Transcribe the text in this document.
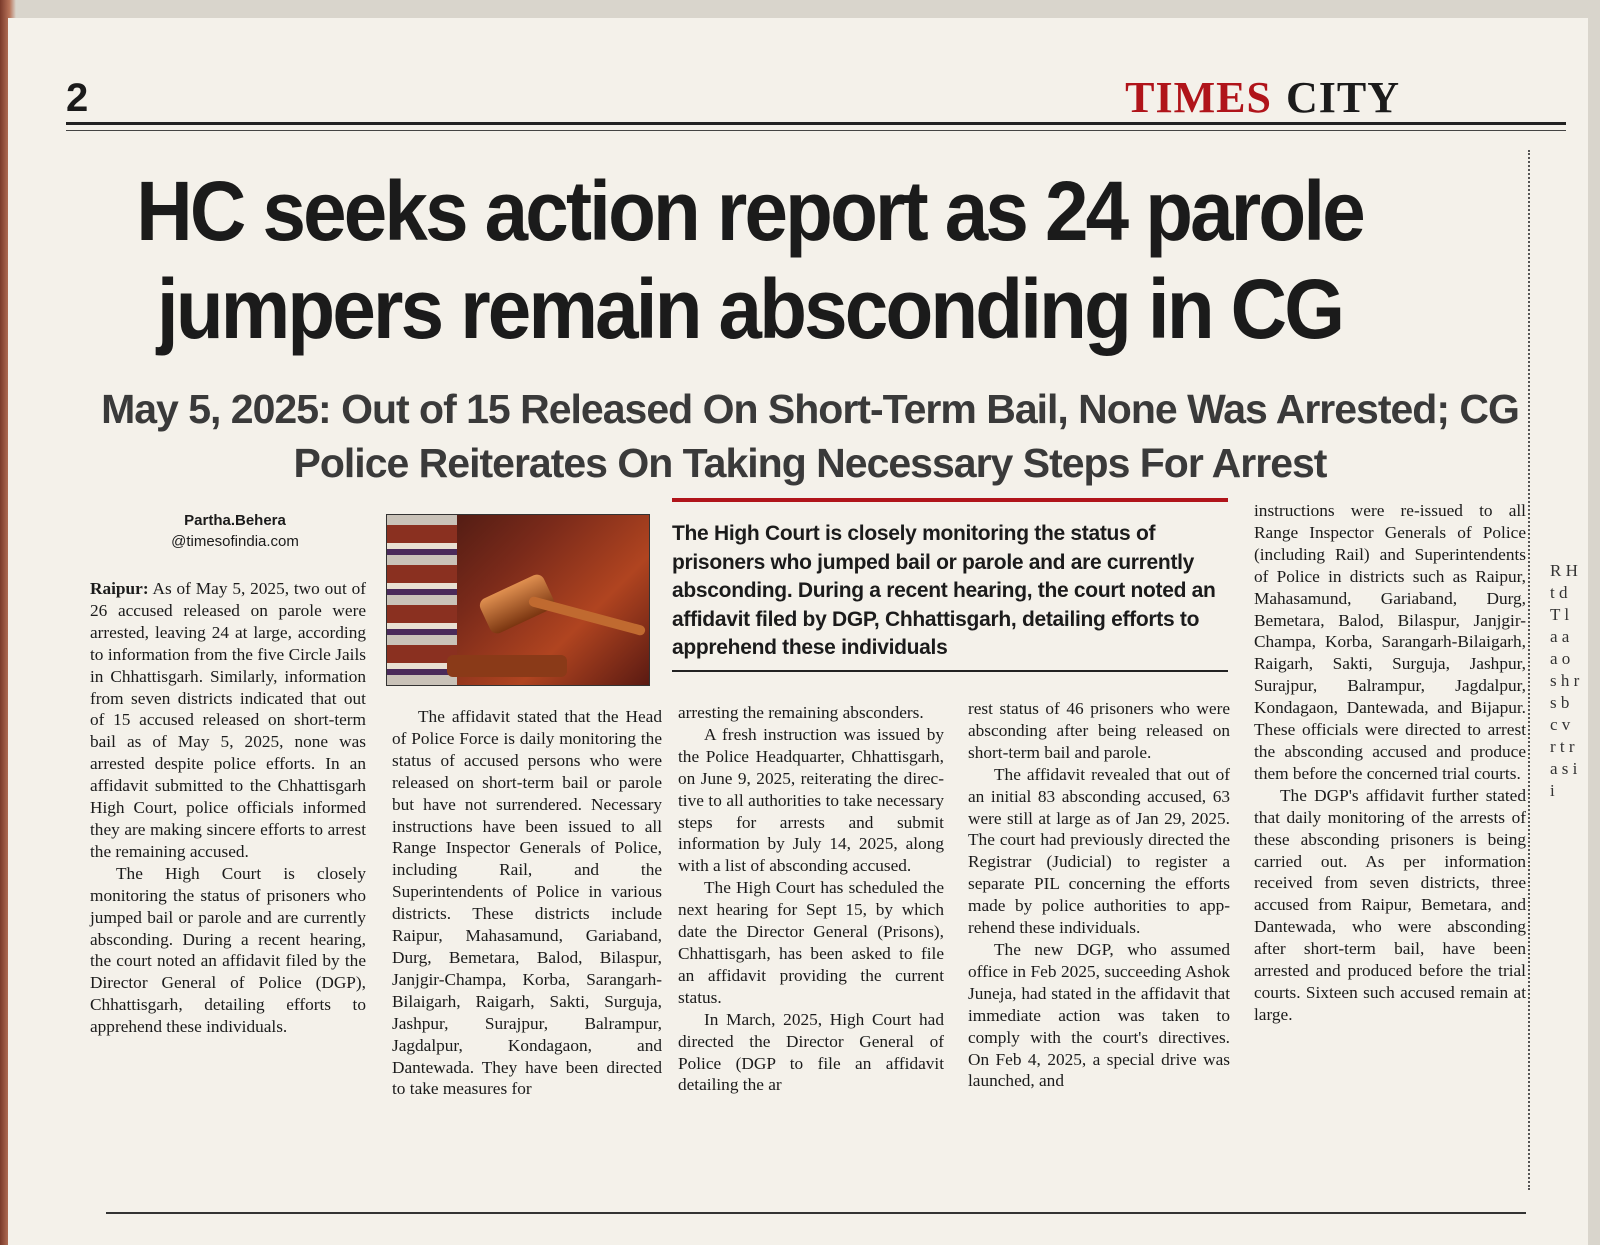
2	TIMES CITY
HC seeks action report as 24 parole jumpers remain absconding in CG
May 5, 2025: Out of 15 Released On Short-Term Bail, None Was Arrested; CG Police Reiterates On Taking Necessary Steps For Arrest
Partha.Behera
@timesofindia.com	The High Court is closely monitoring the status of prisoners who jumped bail or parole and are currently absconding. During a recent hearing, the court noted an affidavit filed by DGP, Chhattisgarh, detailing efforts to apprehend these individuals

Raipur: As of May 5, 2025, two out of 26 accused released on parole were arrested, leaving 24 at large, according to information from the five Circle Jails in Chhattisgarh. Similarly, information from seven districts indicated that out of 15 accused released on short-term bail as of May 5, 2025, none was arrested despite police efforts. In an affidavit submitted to the Chhattisgarh High Court, police officials informed they are making sincere efforts to arrest the remaining accused.

The High Court is closely monitoring the status of prisoners who jumped bail or parole and are currently absconding. During a recent hearing, the court noted an affidavit filed by the Director General of Police (DGP), Chhattisgarh, detailing efforts to apprehend these individuals.

The affidavit stated that the Head of Police Force is daily monitoring the status of accused persons who were released on short-term bail or parole but have not surrendered. Necessary instructions have been issued to all Range Inspector Generals of Police, including Rail, and the Superintendents of Police in various districts. These districts include Raipur, Mahasamund, Gariaband, Durg, Bemetara, Balod, Bilaspur, Janjgir-Champa, Korba, Sarangarh-Bilaigarh, Raigarh, Sakti, Surguja, Jashpur, Surajpur, Balrampur, Jagdalpur, Kondagaon, and Dantewada. They have been directed to take measures for

arresting the remaining absconders.

A fresh instruction was issued by the Police Headquarter, Chhattisgarh, on June 9, 2025, reiterating the directive to all authorities to take necessary steps for arrests and submit information by July 14, 2025, along with a list of absconding accused.

The High Court has scheduled the next hearing for Sept 15, by which date the Director General (Prisons), Chhattisgarh, has been asked to file an affidavit providing the current status.

In March, 2025, High Court had directed the Director General of Police (DGP to file an affidavit detailing the ar

rest status of 46 prisoners who were absconding after being released on short-term bail and parole.

The affidavit revealed that out of an initial 83 absconding accused, 63 were still at large as of Jan 29, 2025. The court had previously directed the Registrar (Judicial) to register a separate PIL concerning the efforts made by police authorities to apprehend these individuals.

The new DGP, who assumed office in Feb 2025, succeeding Ashok Juneja, had stated in the affidavit that immediate action was taken to comply with the court's directives. On Feb 4, 2025, a special drive was launched, and

instructions were re-issued to all Range Inspector Generals of Police (including Rail) and Superintendents of Police in districts such as Raipur, Mahasamund, Gariaband, Durg, Bemetara, Balod, Bilaspur, Janjgir-Champa, Korba, Sarangarh-Bilaigarh, Raigarh, Sakti, Surguja, Jashpur, Surajpur, Balrampur, Jagdalpur, Kondagaon, Dantewada, and Bijapur. These officials were directed to arrest the absconding accused and produce them before the concerned trial courts.

The DGP's affidavit further stated that daily monitoring of the arrests of these absconding prisoners is being carried out. As per information received from seven districts, three accused from Raipur, Bemetara, and Dantewada, who were absconding after short-term bail, have been arrested and produced before the trial courts. Sixteen such accused remain at large.

R H t d T l a a a o s h r s b c v r t r a s i i
